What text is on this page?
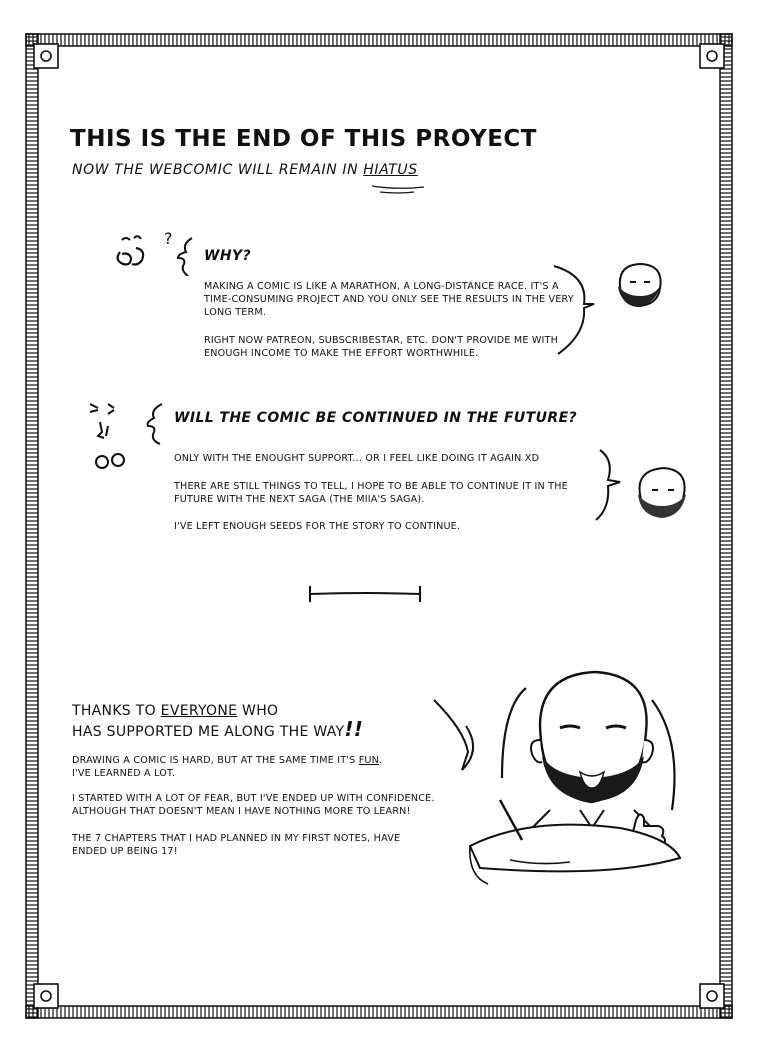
THIS IS THE END OF THIS PROYECT
NOW THE WEBCOMIC WILL REMAIN IN HIATUS
?
WHY?
MAKING A COMIC IS LIKE A MARATHON, A LONG-DISTANCE RACE. IT'S A TIME-CONSUMING PROJECT AND YOU ONLY SEE THE RESULTS IN THE VERY LONG TERM.
RIGHT NOW PATREON, SUBSCRIBESTAR, ETC. DON'T PROVIDE ME WITH ENOUGH INCOME TO MAKE THE EFFORT WORTHWHILE.
WILL THE COMIC BE CONTINUED IN THE FUTURE?
ONLY WITH THE ENOUGHT SUPPORT... OR I FEEL LIKE DOING IT AGAIN XD
THERE ARE STILL THINGS TO TELL, I HOPE TO BE ABLE TO CONTINUE IT IN THE FUTURE WITH THE NEXT SAGA (THE MIIA'S SAGA).
I'VE LEFT ENOUGH SEEDS FOR THE STORY TO CONTINUE.
THANKS TO EVERYONE WHO
HAS SUPPORTED ME ALONG THE WAY!!
DRAWING A COMIC IS HARD, BUT AT THE SAME TIME IT'S FUN.
I'VE LEARNED A LOT.
I STARTED WITH A LOT OF FEAR, BUT I'VE ENDED UP WITH CONFIDENCE. ALTHOUGH THAT DOESN'T MEAN I HAVE NOTHING MORE TO LEARN!
THE 7 CHAPTERS THAT I HAD PLANNED IN MY FIRST NOTES, HAVE ENDED UP BEING 17!
